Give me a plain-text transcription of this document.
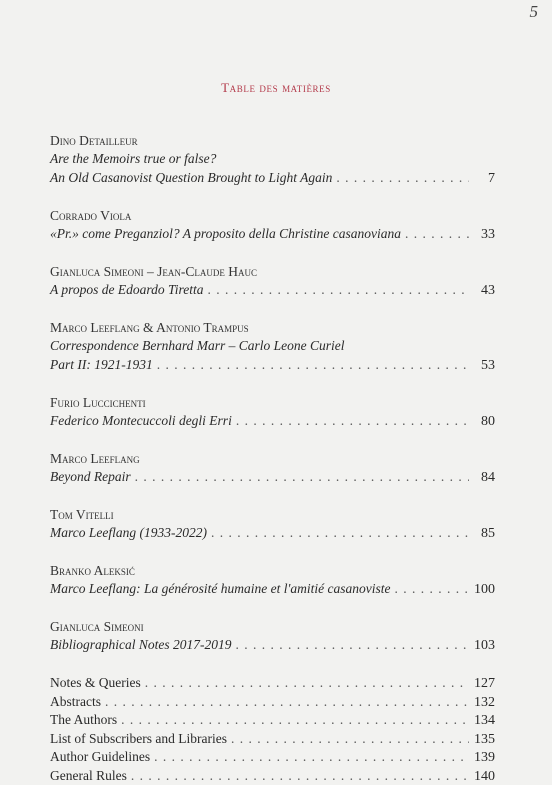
5
Table des matières
Dino Detailleur
Are the Memoirs true or false?
An Old Casanovist Question Brought to Light Again . . .	7
Corrado Viola
«Pr.» come Preganziol? A proposito della Christine casanoviana . . .	33
Gianluca Simeoni – Jean-Claude Hauc
A propos de Edoardo Tiretta . . .	43
Marco Leeflang & Antonio Trampus
Correspondence Bernhard Marr – Carlo Leone Curiel
Part II: 1921-1931 . . .	53
Furio Luccichenti
Federico Montecuccoli degli Erri . . .	80
Marco Leeflang
Beyond Repair . . .	84
Tom Vitelli
Marco Leeflang (1933-2022) . . .	85
Branko Aleksić
Marco Leeflang: La générosité humaine et l'amitié casanoviste . . .	100
Gianluca Simeoni
Bibliographical Notes 2017-2019 . . .	103
Notes & Queries . . .	127
Abstracts . . .	132
The Authors . . .	134
List of Subscribers and Libraries . . .	135
Author Guidelines . . .	139
General Rules . . .	140
